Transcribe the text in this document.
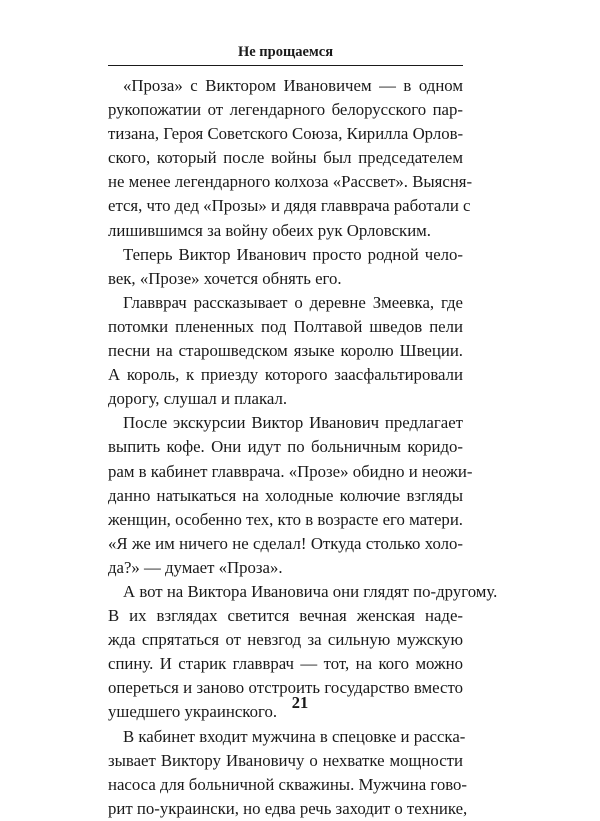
Не прощаемся
«Проза» с Виктором Ивановичем — в одном
рукопожатии от легендарного белорусского пар-
тизана, Героя Советского Союза, Кирилла Орлов-
ского, который после войны был председателем
не менее легендарного колхоза «Рассвет». Выясня-
ется, что дед «Прозы» и дядя главврача работали с
лишившимся за войну обеих рук Орловским.
Теперь Виктор Иванович просто родной чело-
век, «Прозе» хочется обнять его.
Главврач рассказывает о деревне Змеевка, где
потомки плененных под Полтавой шведов пели
песни на старошведском языке королю Швеции.
А король, к приезду которого заасфальтировали
дорогу, слушал и плакал.
После экскурсии Виктор Иванович предлагает
выпить кофе. Они идут по больничным коридо-
рам в кабинет главврача. «Прозе» обидно и неожи-
данно натыкаться на холодные колючие взгляды
женщин, особенно тех, кто в возрасте его матери.
«Я же им ничего не сделал! Откуда столько холо-
да?» — думает «Проза».
А вот на Виктора Ивановича они глядят по-другому.
В их взглядах светится вечная женская наде-
жда спрятаться от невзгод за сильную мужскую
спину. И старик главврач — тот, на кого можно
опереться и заново отстроить государство вместо
ушедшего украинского.
В кабинет входит мужчина в спецовке и расска-
зывает Виктору Ивановичу о нехватке мощности
насоса для больничной скважины. Мужчина гово-
рит по-украински, но едва речь заходит о технике,
21
